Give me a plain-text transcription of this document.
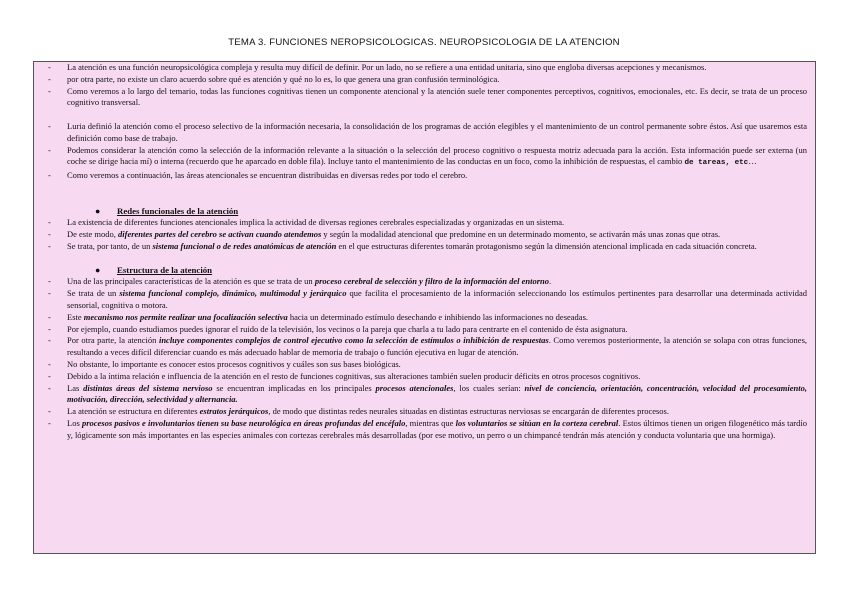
TEMA 3. FUNCIONES NEROPSICOLOGICAS. NEUROPSICOLOGIA DE LA ATENCION
-	La atención es una función neuropsicológica compleja y resulta muy difícil de definir. Por un lado, no se refiere a una entidad unitaria, sino que engloba diversas acepciones y mecanismos.
-	por otra parte, no existe un claro acuerdo sobre qué es atención y qué no lo es, lo que genera una gran confusión terminológica.
-	Como veremos a lo largo del temario, todas las funciones cognitivas tienen un componente atencional y la atención suele tener componentes perceptivos, cognitivos, emocionales, etc. Es decir, se trata de un proceso cognitivo transversal.
-	Luria definió la atención como el proceso selectivo de la información necesaria, la consolidación de los programas de acción elegibles y el mantenimiento de un control permanente sobre éstos. Así que usaremos esta definición como base de trabajo.
-	Podemos considerar la atención como la selección de la información relevante a la situación o la selección del proceso cognitivo o respuesta motriz adecuada para la acción. Esta información puede ser externa (un coche se dirige hacia mí) o interna (recuerdo que he aparcado en doble fila). Incluye tanto el mantenimiento de las conductas en un foco, como la inhibición de respuestas, el cambio de tareas, etc…
-	Como veremos a continuación, las áreas atencionales se encuentran distribuidas en diversas redes por todo el cerebro.
● Redes funcionales de la atención
-	La existencia de diferentes funciones atencionales implica la actividad de diversas regiones cerebrales especializadas y organizadas en un sistema.
-	De este modo, diferentes partes del cerebro se activan cuando atendemos y según la modalidad atencional que predomine en un determinado momento, se activarán más unas zonas que otras.
-	Se trata, por tanto, de un sistema funcional o de redes anatómicas de atención en el que estructuras diferentes tomarán protagonismo según la dimensión atencional implicada en cada situación concreta.
● Estructura de la atención
-	Una de las principales características de la atención es que se trata de un proceso cerebral de selección y filtro de la información del entorno.
-	Se trata de un sistema funcional complejo, dinámico, multimodal y jerárquico que facilita el procesamiento de la información seleccionando los estímulos pertinentes para desarrollar una determinada actividad sensorial, cognitiva o motora.
-	Este mecanismo nos permite realizar una focalización selectiva hacia un determinado estímulo desechando e inhibiendo las informaciones no deseadas.
-	Por ejemplo, cuando estudiamos puedes ignorar el ruido de la televisión, los vecinos o la pareja que charla a tu lado para centrarte en el contenido de ésta asignatura.
-	Por otra parte, la atención incluye componentes complejos de control ejecutivo como la selección de estímulos o inhibición de respuestas. Como veremos posteriormente, la atención se solapa con otras funciones, resultando a veces difícil diferenciar cuando es más adecuado hablar de memoria de trabajo o función ejecutiva en lugar de atención.
-	No obstante, lo importante es conocer estos procesos cognitivos y cuáles son sus bases biológicas.
-	Debido a la íntima relación e influencia de la atención en el resto de funciones cognitivas, sus alteraciones también suelen producir déficits en otros procesos cognitivos.
-	Las distintas áreas del sistema nervioso se encuentran implicadas en los principales procesos atencionales, los cuales serían: nivel de conciencia, orientación, concentración, velocidad del procesamiento, motivación, dirección, selectividad y alternancia.
-	La atención se estructura en diferentes estratos jerárquicos, de modo que distintas redes neurales situadas en distintas estructuras nerviosas se encargarán de diferentes procesos.
-	Los procesos pasivos e involuntarios tienen su base neurológica en áreas profundas del encéfalo, mientras que los voluntarios se sitúan en la corteza cerebral. Estos últimos tienen un origen filogenético más tardío y, lógicamente son más importantes en las especies animales con cortezas cerebrales más desarrolladas (por ese motivo, un perro o un chimpancé tendrán más atención y conducta voluntaria que una hormiga).
